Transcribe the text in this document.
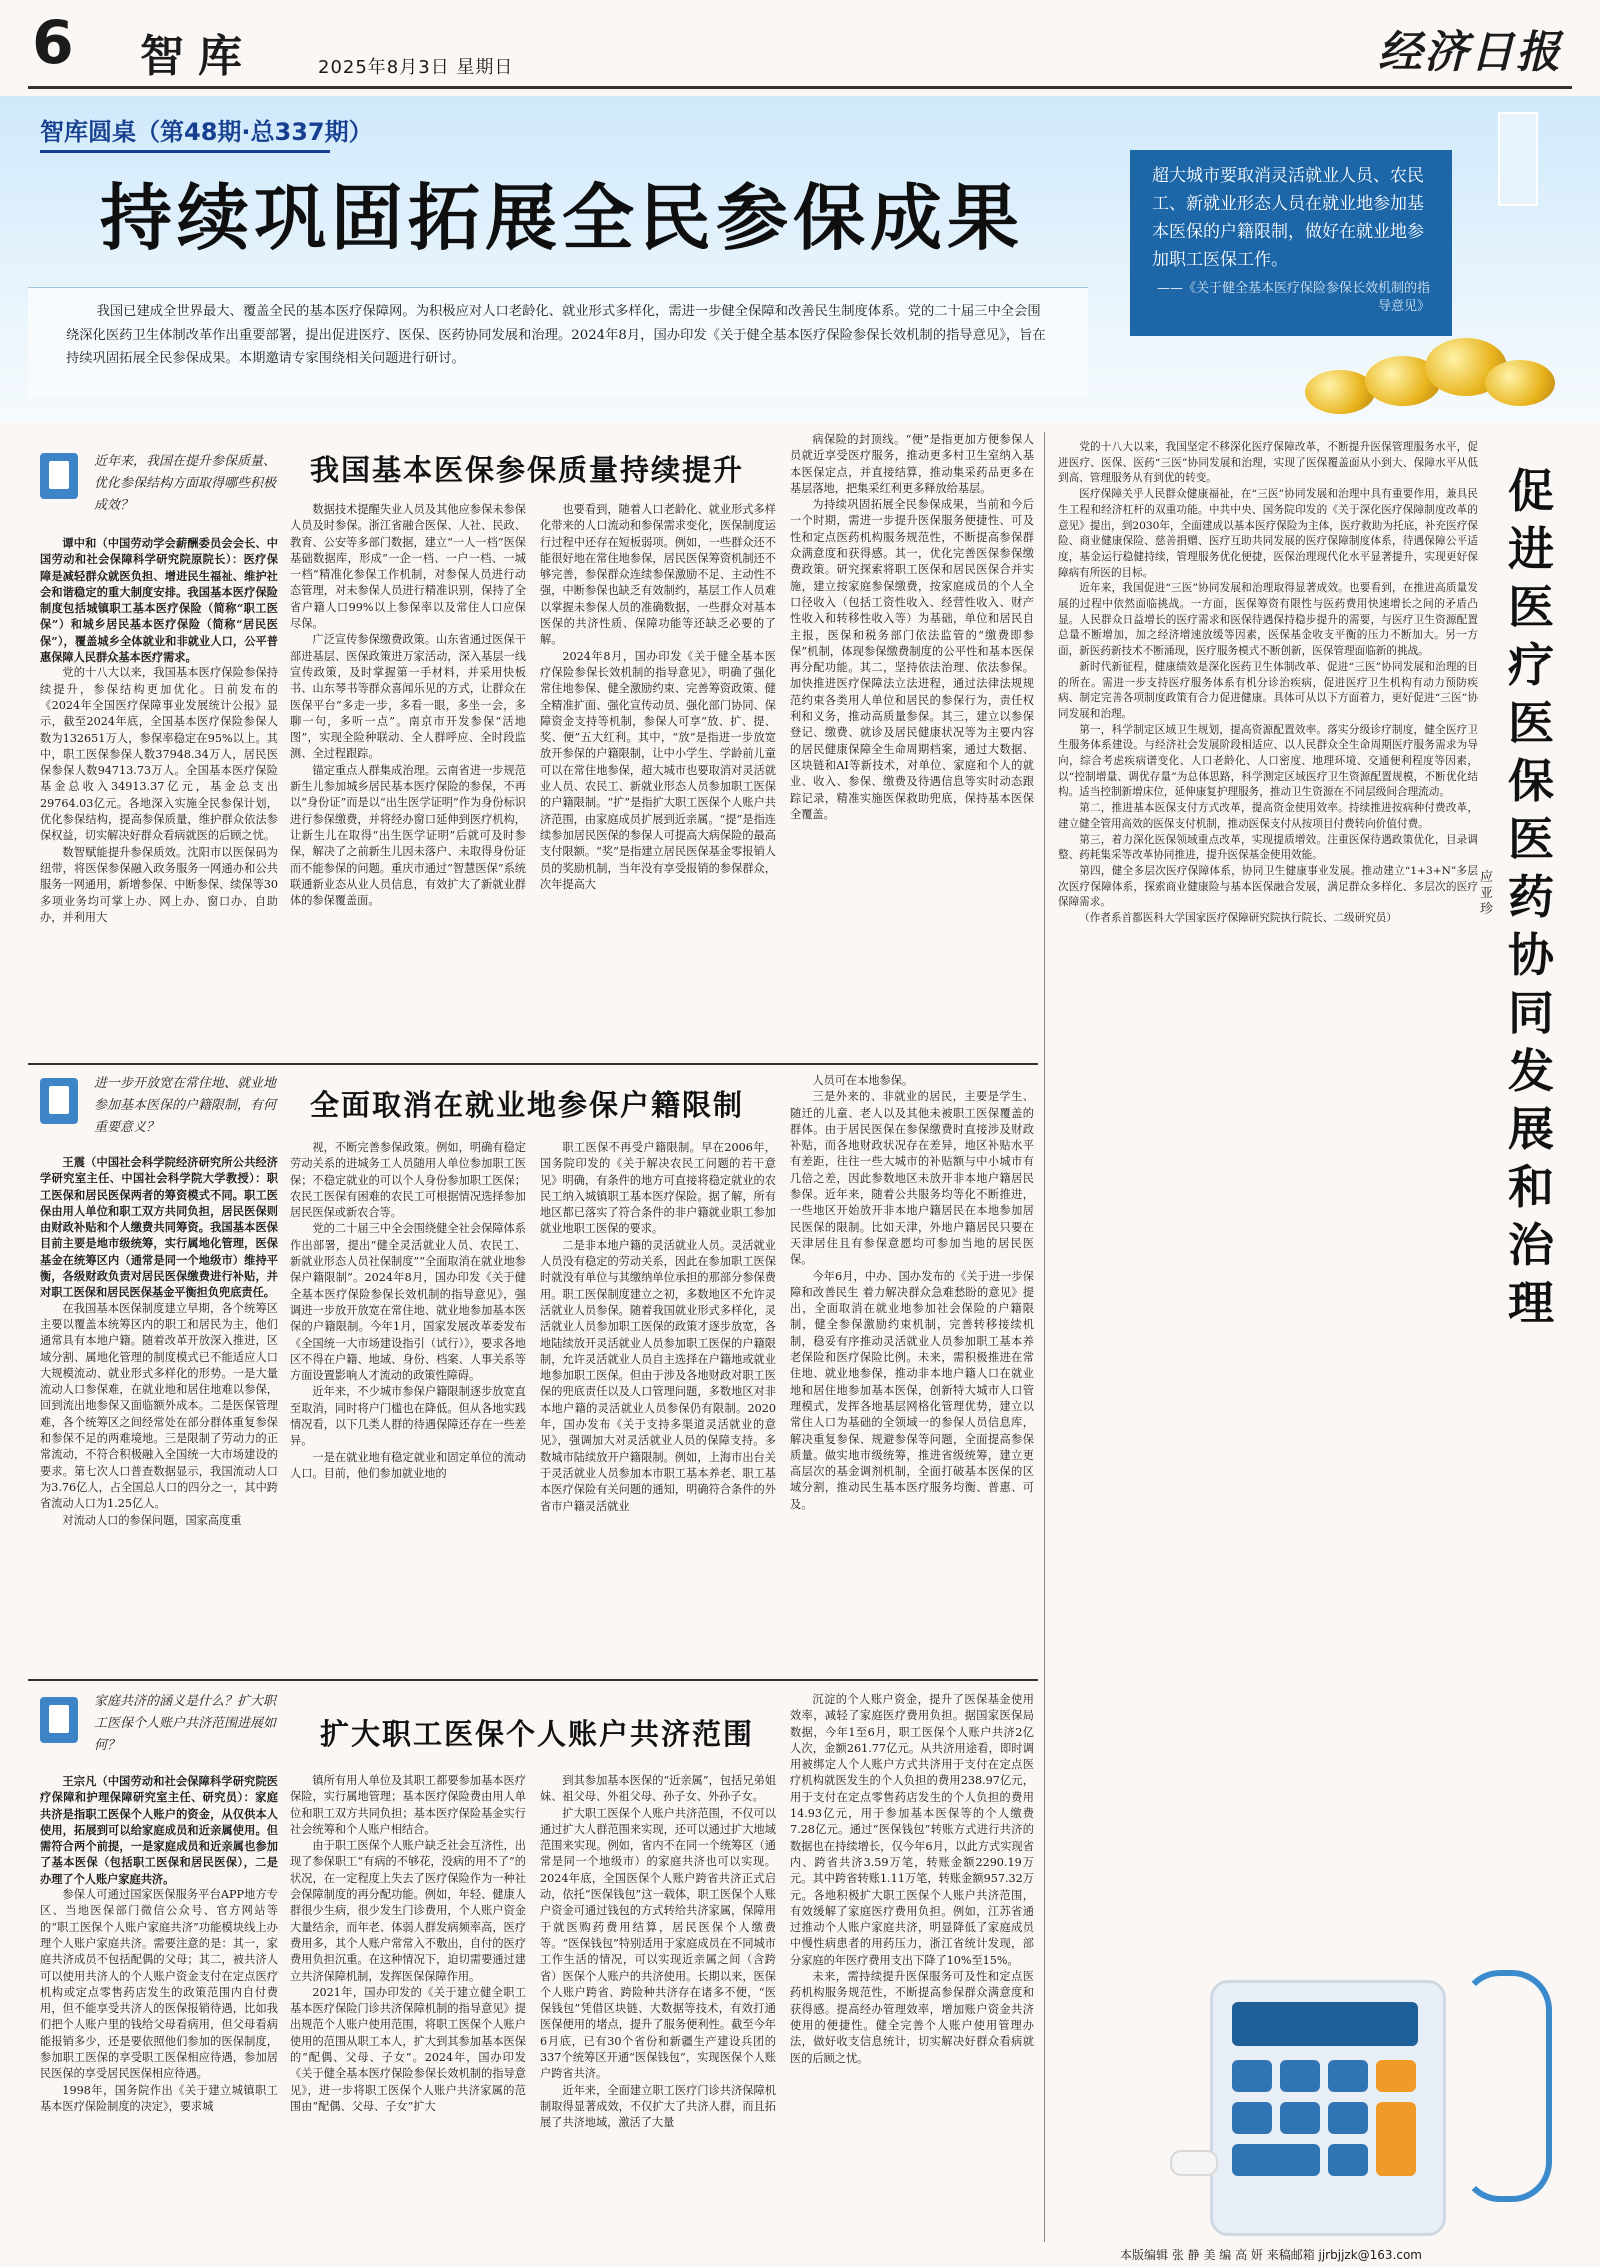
6 智库	2025年8月3日 星期日	经济日报
智库圆桌（第48期·总337期）
持续巩固拓展全民参保成果
我国已建成全世界最大、覆盖全民的基本医疗保障网。为积极应对人口老龄化、就业形式多样化，需进一步健全保障和改善民生制度体系。党的二十届三中全会围绕深化医药卫生体制改革作出重要部署，提出促进医疗、医保、医药协同发展和治理。2024年8月，国办印发《关于健全基本医疗保险参保长效机制的指导意见》，旨在持续巩固拓展全民参保成果。本期邀请专家围绕相关问题进行研讨。
超大城市要取消灵活就业人员、农民工、新就业形态人员在就业地参加基本医保的户籍限制，做好在就业地参加职工医保工作。
——《关于健全基本医疗保险参保长效机制的指导意见》
近年来，我国在提升参保质量、优化参保结构方面取得哪些积极成效？
我国基本医保参保质量持续提升

谭中和（中国劳动学会薪酬委员会会长、中国劳动和社会保障科学研究院原院长）：医疗保障是减轻群众就医负担、增进民生福祉、维护社会和谐稳定的重大制度安排。我国基本医疗保险制度包括城镇职工基本医疗保险（简称“职工医保”）和城乡居民基本医疗保险（简称“居民医保”），覆盖城乡全体就业和非就业人口，公平普惠保障人民群众基本医疗需求。

党的十八大以来，我国基本医疗保险参保持续提升，参保结构更加优化。日前发布的《2024年全国医疗保障事业发展统计公报》显示，截至2024年底，全国基本医疗保险参保人数为132651万人，参保率稳定在95%以上。其中，职工医保参保人数37948.34万人，居民医保参保人数94713.73万人。全国基本医疗保险基金总收入34913.37亿元，基金总支出29764.03亿元。各地深入实施全民参保计划，优化参保结构，提高参保质量，维护群众依法参保权益，切实解决好群众看病就医的后顾之忧。

数智赋能提升参保质效。沈阳市以医保码为纽带，将医保参保融入政务服务一网通办和公共服务一网通用，新增参保、中断参保、续保等30多项业务均可掌上办、网上办、窗口办、自助办，并利用大

数据技术提醒失业人员及其他应参保未参保人员及时参保。浙江省融合医保、人社、民政、教育、公安等多部门数据，建立“一人一档”医保基础数据库，形成“一企一档、一户一档、一城一档”精准化参保工作机制，对参保人员进行动态管理，对未参保人员进行精准识别，保持了全省户籍人口99%以上参保率以及常住人口应保尽保。

广泛宣传参保缴费政策。山东省通过医保干部进基层、医保政策进万家活动，深入基层一线宣传政策，及时掌握第一手材料，并采用快板书、山东琴书等群众喜闻乐见的方式，让群众在医保平台“多走一步，多看一眼，多坐一会，多聊一句，多听一点”。南京市开发参保“活地图”，实现全险种联动、全人群呼应、全时段监测、全过程跟踪。

锚定重点人群集成治理。云南省进一步规范新生儿参加城乡居民基本医疗保险的参保，不再以“身份证”而是以“出生医学证明”作为身份标识进行参保缴费，并将经办窗口延伸到医疗机构，让新生儿在取得“出生医学证明”后就可及时参保，解决了之前新生儿因未落户、未取得身份证而不能参保的问题。重庆市通过“智慧医保”系统联通新业态从业人员信息，有效扩大了新就业群体的参保覆盖面。

也要看到，随着人口老龄化、就业形式多样化带来的人口流动和参保需求变化，医保制度运行过程中还存在短板弱项。例如，一些群众还不能很好地在常住地参保，居民医保筹资机制还不够完善，参保群众连续参保激励不足、主动性不强，中断参保也缺乏有效制约，基层工作人员难以掌握未参保人员的准确数据，一些群众对基本医保的共济性质、保障功能等还缺乏必要的了解。

2024年8月，国办印发《关于健全基本医疗保险参保长效机制的指导意见》，明确了强化常住地参保、健全激励约束、完善筹资政策、健全精准扩面、强化宣传动员、强化部门协同、保障资金支持等机制，参保人可享“放、扩、提、奖、便”五大红利。其中，“放”是指进一步放宽放开参保的户籍限制，让中小学生、学龄前儿童可以在常住地参保，超大城市也要取消对灵活就业人员、农民工、新就业形态人员参加职工医保的户籍限制。“扩”是指扩大职工医保个人账户共济范围，由家庭成员扩展到近亲属。“提”是指连续参加居民医保的参保人可提高大病保险的最高支付限额。“奖”是指建立居民医保基金零报销人员的奖励机制，当年没有享受报销的参保群众，次年提高大

病保险的封顶线。“便”是指更加方便参保人员就近享受医疗服务，推动更多村卫生室纳入基本医保定点，并直接结算，推动集采药品更多在基层落地，把集采红利更多释放给基层。

为持续巩固拓展全民参保成果，当前和今后一个时期，需进一步提升医保服务便捷性、可及性和定点医药机构服务规范性，不断提高参保群众满意度和获得感。其一，优化完善医保参保缴费政策。研究探索将职工医保和居民医保合并实施，建立按家庭参保缴费，按家庭成员的个人全口径收入（包括工资性收入、经营性收入、财产性收入和转移性收入等）为基础，单位和居民自主报，医保和税务部门依法监管的“缴费即参保”机制，体现参保缴费制度的公平性和基本医保再分配功能。其二，坚持依法治理、依法参保。加快推进医疗保障法立法进程，通过法律法规规范约束各类用人单位和居民的参保行为，责任权利和义务，推动高质量参保。其三，建立以参保登记、缴费、就诊及居民健康状况等为主要内容的居民健康保障全生命周期档案，通过大数据、区块链和AI等新技术，对单位、家庭和个人的就业、收入、参保、缴费及待遇信息等实时动态跟踪记录，精准实施医保救助兜底，保持基本医保全覆盖。

进一步开放宽在常住地、就业地参加基本医保的户籍限制，有何重要意义？
全面取消在就业地参保户籍限制

王震（中国社会科学院经济研究所公共经济学研究室主任、中国社会科学院大学教授）：职工医保和居民医保两者的筹资模式不同。职工医保由用人单位和职工双方共同负担，居民医保则由财政补贴和个人缴费共同筹资。我国基本医保目前主要是地市级统筹，实行属地化管理，医保基金在统筹区内（通常是同一个地级市）维持平衡，各级财政负责对居民医保缴费进行补贴，并对职工医保和居民医保基金平衡担负兜底责任。

在我国基本医保制度建立早期，各个统筹区主要以覆盖本统筹区内的职工和居民为主，他们通常具有本地户籍。随着改革开放深入推进，区域分割、属地化管理的制度模式已不能适应人口大规模流动、就业形式多样化的形势。一是大量流动人口参保难，在就业地和居住地难以参保，回到流出地参保又面临额外成本。二是医保管理难，各个统筹区之间经常处在部分群体重复参保和参保不足的两难境地。三是限制了劳动力的正常流动，不符合积极融入全国统一大市场建设的要求。第七次人口普查数据显示，我国流动人口为3.76亿人，占全国总人口的四分之一，其中跨省流动人口为1.25亿人。

对流动人口的参保问题，国家高度重

视，不断完善参保政策。例如，明确有稳定劳动关系的进城务工人员随用人单位参加职工医保；不稳定就业的可以个人身份参加职工医保；农民工医保有困难的农民工可根据情况选择参加居民医保或新农合等。

党的二十届三中全会围绕健全社会保障体系作出部署，提出“健全灵活就业人员、农民工、新就业形态人员社保制度”“全面取消在就业地参保户籍限制”。2024年8月，国办印发《关于健全基本医疗保险参保长效机制的指导意见》，强调进一步放开放宽在常住地、就业地参加基本医保的户籍限制。今年1月，国家发展改革委发布《全国统一大市场建设指引（试行）》，要求各地区不得在户籍、地域、身份、档案、人事关系等方面设置影响人才流动的政策性障碍。

近年来，不少城市参保户籍限制逐步放宽直至取消，同时将户门槛也在降低。但从各地实践情况看，以下几类人群的待遇保障还存在一些差异。

一是在就业地有稳定就业和固定单位的流动人口。目前，他们参加就业地的

职工医保不再受户籍限制。早在2006年，国务院印发的《关于解决农民工问题的若干意见》明确，有条件的地方可直接将稳定就业的农民工纳入城镇职工基本医疗保险。据了解，所有地区都已落实了符合条件的非户籍就业职工参加就业地职工医保的要求。

二是非本地户籍的灵活就业人员。灵活就业人员没有稳定的劳动关系，因此在参加职工医保时就没有单位与其缴纳单位承担的那部分参保费用。职工医保制度建立之初，多数地区不允许灵活就业人员参保。随着我国就业形式多样化，灵活就业人员参加职工医保的政策才逐步放宽，各地陆续放开灵活就业人员参加职工医保的户籍限制，允许灵活就业人员自主选择在户籍地或就业地参加职工医保。但由于涉及各地财政对职工医保的兜底责任以及人口管理问题，多数地区对非本地户籍的灵活就业人员参保仍有限制。2020年，国办发布《关于支持多渠道灵活就业的意见》，强调加大对灵活就业人员的保障支持。多数城市陆续放开户籍限制。例如，上海市出台关于灵活就业人员参加本市职工基本养老、职工基本医疗保险有关问题的通知，明确符合条件的外省市户籍灵活就业

人员可在本地参保。

三是外来的、非就业的居民，主要是学生、随迁的儿童、老人以及其他未被职工医保覆盖的群体。由于居民医保在参保缴费时直接涉及财政补贴，而各地财政状况存在差异，地区补贴水平有差距，往往一些大城市的补贴额与中小城市有几倍之差，因此参数地区未放开非本地户籍居民参保。近年来，随着公共服务均等化不断推进，一些地区开始放开非本地户籍居民在本地参加居民医保的限制。比如天津，外地户籍居民只要在天津居住且有参保意愿均可参加当地的居民医保。

今年6月，中办、国办发布的《关于进一步保障和改善民生 着力解决群众急难愁盼的意见》提出，全面取消在就业地参加社会保险的户籍限制，健全参保激励约束机制，完善转移接续机制，稳妥有序推动灵活就业人员参加职工基本养老保险和医疗保险比例。未来，需积极推进在常住地、就业地参保，推动非本地户籍人口在就业地和居住地参加基本医保，创新特大城市人口管理模式，发挥各地基层网格化管理优势，建立以常住人口为基础的全领域一的参保人员信息库，解决重复参保、规避参保等问题，全面提高参保质量。做实地市级统筹，推进省级统筹，建立更高层次的基金调剂机制，全面打破基本医保的区域分割，推动民生基本医疗服务均衡、普惠、可及。

家庭共济的涵义是什么？扩大职工医保个人账户共济范围进展如何？	扩大职工医保个人账户共济范围

王宗凡（中国劳动和社会保障科学研究院医疗保障和护理保障研究室主任、研究员）：家庭共济是指职工医保个人账户的资金，从仅供本人使用，拓展到可以给家庭成员和近亲属使用。但需符合两个前提，一是家庭成员和近亲属也参加了基本医保（包括职工医保和居民医保），二是办理了个人账户家庭共济。

参保人可通过国家医保服务平台APP地方专区、当地医保部门微信公众号、官方网站等的“职工医保个人账户家庭共济”功能模块线上办理个人账户家庭共济。需要注意的是：其一，家庭共济成员不包括配偶的父母；其二，被共济人可以使用共济人的个人账户资金支付在定点医疗机构或定点零售药店发生的政策范围内自付费用，但不能享受共济人的医保报销待遇，比如我们把个人账户里的钱给父母看病用，但父母看病能报销多少，还是要依照他们参加的医保制度，参加职工医保的享受职工医保相应待遇，参加居民医保的享受居民医保相应待遇。

1998年，国务院作出《关于建立城镇职工基本医疗保险制度的决定》，要求城

镇所有用人单位及其职工都要参加基本医疗保险，实行属地管理；基本医疗保险费由用人单位和职工双方共同负担；基本医疗保险基金实行社会统筹和个人账户相结合。

由于职工医保个人账户缺乏社会互济性，出现了参保职工“有病的不够花，没病的用不了”的状况，在一定程度上失去了医疗保险作为一种社会保障制度的再分配功能。例如，年轻、健康人群很少生病，很少发生门诊费用，个人账户资金大量结余，而年老、体弱人群发病频率高，医疗费用多，其个人账户常常入不敷出，自付的医疗费用负担沉重。在这种情况下，迫切需要通过建立共济保障机制，发挥医保保障作用。

2021年，国办印发的《关于建立健全职工基本医疗保险门诊共济保障机制的指导意见》提出规范个人账户使用范围，将职工医保个人账户使用的范围从职工本人，扩大到其参加基本医保的“配偶、父母、子女”。2024年，国办印发《关于健全基本医疗保险参保长效机制的指导意见》，进一步将职工医保个人账户共济家属的范围由“配偶、父母、子女”扩大

到其参加基本医保的“近亲属”，包括兄弟姐妹、祖父母、外祖父母、孙子女、外孙子女。

扩大职工医保个人账户共济范围，不仅可以通过扩大人群范围来实现，还可以通过扩大地域范围来实现。例如，省内不在同一个统筹区（通常是同一个地级市）的家庭共济也可以实现。2024年底，全国医保个人账户跨省共济正式启动，依托“医保钱包”这一载体，职工医保个人账户资金可通过钱包的方式转给共济家属，保障用于就医购药费用结算，居民医保个人缴费等。“医保钱包”特别适用于家庭成员在不同城市工作生活的情况，可以实现近亲属之间（含跨省）医保个人账户的共济使用。长期以来，医保个人账户跨省、跨险种共济存在诸多不便，“医保钱包”凭借区块链、大数据等技术，有效打通医保便用的堵点，提升了服务便利性。截至今年6月底，已有30个省份和新疆生产建设兵团的337个统筹区开通“医保钱包”，实现医保个人账户跨省共济。

近年来，全面建立职工医疗门诊共济保障机制取得显著成效，不仅扩大了共济人群，而且拓展了共济地域，激活了大量

沉淀的个人账户资金，提升了医保基金使用效率，减轻了家庭医疗费用负担。据国家医保局数据，今年1至6月，职工医保个人账户共济2亿人次，金额261.77亿元。从共济用途看，即时调用被绑定人个人账户方式共济用于支付在定点医疗机构就医发生的个人负担的费用238.97亿元，用于支付在定点零售药店发生的个人负担的费用14.93亿元，用于参加基本医保等的个人缴费7.28亿元。通过“医保钱包”转账方式进行共济的数据也在持续增长，仅今年6月，以此方式实现省内、跨省共济3.59万笔，转账金额2290.19万元。其中跨省转账1.11万笔，转账金额957.32万元。各地积极扩大职工医保个人账户共济范围，有效缓解了家庭医疗费用负担。例如，江苏省通过推动个人账户家庭共济，明显降低了家庭成员中慢性病患者的用药压力，浙江省统计发现，部分家庭的年医疗费用支出下降了10%至15%。

未来，需持续提升医保服务可及性和定点医药机构服务规范性，不断提高参保群众满意度和获得感。提高经办管理效率，增加账户资金共济使用的便捷性。健全完善个人账户使用管理办法，做好收支信息统计，切实解决好群众看病就医的后顾之忧。

促
进
医
疗
医
保
医
药
协
同
发
展
和
治
理
应亚珍

党的十八大以来，我国坚定不移深化医疗保障改革，不断提升医保管理服务水平，促进医疗、医保、医药“三医”协同发展和治理，实现了医保覆盖面从小到大、保障水平从低到高、管理服务从有到优的转变。

医疗保障关乎人民群众健康福祉，在“三医”协同发展和治理中具有重要作用，兼具民生工程和经济杠杆的双重功能。中共中央、国务院印发的《关于深化医疗保障制度改革的意见》提出，到2030年，全面建成以基本医疗保险为主体，医疗救助为托底，补充医疗保险、商业健康保险、慈善捐赠、医疗互助共同发展的医疗保障制度体系，待遇保障公平适度，基金运行稳健持续，管理服务优化便捷，医保治理现代化水平显著提升，实现更好保障病有所医的目标。

近年来，我国促进“三医”协同发展和治理取得显著成效。也要看到，在推进高质量发展的过程中依然面临挑战。一方面，医保筹资有限性与医药费用快速增长之间的矛盾凸显。人民群众日益增长的医疗需求和医保待遇保持稳步提升的需要，与医疗卫生资源配置总量不断增加，加之经济增速放缓等因素，医保基金收支平衡的压力不断加大。另一方面，新医药新技术不断涌现，医疗服务模式不断创新，医保管理面临新的挑战。

新时代新征程，健康绩效是深化医药卫生体制改革、促进“三医”协同发展和治理的目的所在。需进一步支持医疗服务体系有机分诊治疾病，促进医疗卫生机构有动力预防疾病、制定完善各项制度政策有合力促进健康。具体可从以下方面着力，更好促进“三医”协同发展和治理。

第一，科学制定区域卫生规划，提高资源配置效率。落实分级诊疗制度，健全医疗卫生服务体系建设。与经济社会发展阶段相适应、以人民群众全生命周期医疗服务需求为导向，综合考虑疾病谱变化、人口老龄化、人口密度、地理环境、交通便利程度等因素，以“控制增量、调优存量”为总体思路，科学测定区域医疗卫生资源配置规模，不断优化结构。适当控制新增床位，延伸康复护理服务，推动卫生资源在不同层级间合理流动。

第二，推进基本医保支付方式改革，提高资金使用效率。持续推进按病种付费改革，建立健全管用高效的医保支付机制，推动医保支付从按项目付费转向价值付费。

第三，着力深化医保领域重点改革，实现提质增效。注重医保待遇政策优化，目录调整、药耗集采等改革协同推进，提升医保基金使用效能。

第四，健全多层次医疗保障体系，协同卫生健康事业发展。推动建立“1+3+N”多层次医疗保障体系，探索商业健康险与基本医保融合发展，满足群众多样化、多层次的医疗保障需求。

（作者系首都医科大学国家医疗保障研究院执行院长、二级研究员）

本版编辑 张 静 美 编 高 妍 来稿邮箱 jjrbjjzk@163.com
